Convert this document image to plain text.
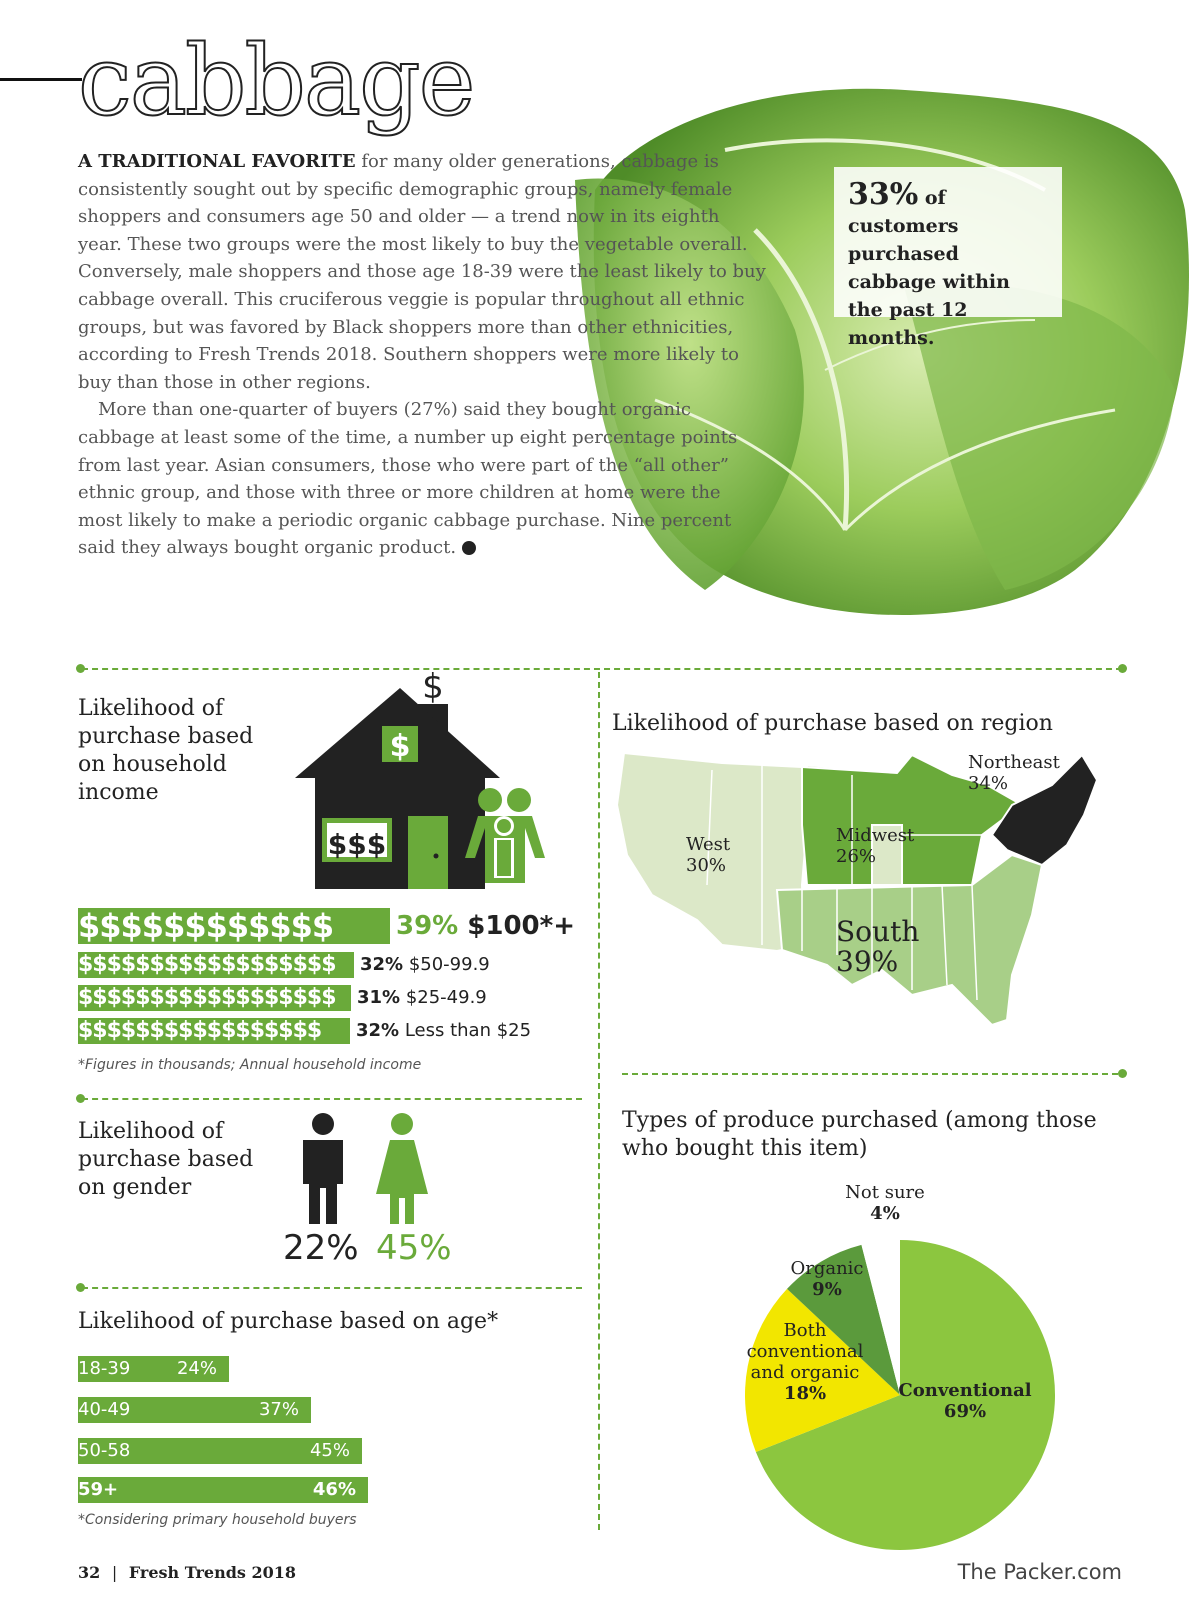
cabbage

A TRADITIONAL FAVORITE for many older generations, cabbage is consistently sought out by specific demographic groups, namely female shoppers and consumers age 50 and older — a trend now in its eighth year. These two groups were the most likely to buy the vegetable overall. Conversely, male shoppers and those age 18-39 were the least likely to buy cabbage overall. This cruciferous veggie is popular throughout all ethnic groups, but was favored by Black shoppers more than other ethnicities, according to Fresh Trends 2018. Southern shoppers were more likely to buy than those in other regions.

More than one-quarter of buyers (27%) said they bought organic cabbage at least some of the time, a number up eight percentage points from last year. Asian consumers, those who were part of the “all other” ethnic group, and those with three or more children at home were the most likely to make a periodic organic cabbage purchase. Nine percent said they always bought organic product.	FT

33% of customers purchased cabbage within the past 12 months.
Likelihood of purchase based on household income
$
$
$$$
$$$$$$$$$$$$	39% $100*+
$$$$$$$$$$$$$$$$$$	32% $50-99.9
$$$$$$$$$$$$$$$$$$	31% $25-49.9
$$$$$$$$$$$$$$$$$	32% Less than $25
*Figures in thousands; Annual household income
Likelihood of purchase based on gender
22% 45%
Likelihood of purchase based on age*
18-39	24%
40-49	37%
50-58	45%
59+	46%
*Considering primary household buyers
Likelihood of purchase based on region
Northeast
34%
West
30%
Midwest
26%
South
39%
Types of produce purchased (among those who bought this item)
Not sure
4%
Organic
9%
Both conventional and organic
18%	Conventional
69%
32 | Fresh Trends 2018	The Packer.com
